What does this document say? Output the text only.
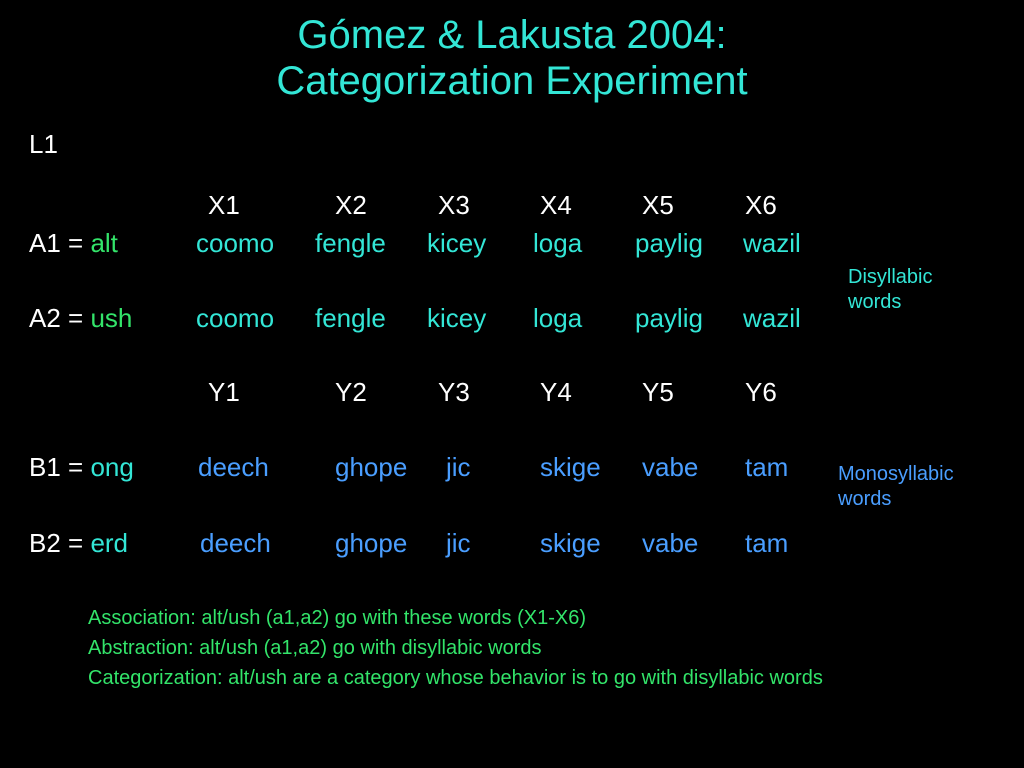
Gómez & Lakusta 2004:
Categorization Experiment
L1
X1	X2	X3	X4	X5	X6
A1 = alt	coomo fengle kicey loga paylig wazil
A2 = ush coomo fengle kicey loga paylig wazil
Disyllabic
words
Y1	Y2	Y3	Y4	Y5	Y6
B1 = ong deech	ghope jic	skige vabe tam
B2 = erd	deech ghope jic	skige vabe tam
Monosyllabic
words
Association: alt/ush (a1,a2) go with these words (X1-X6)
Abstraction: alt/ush (a1,a2) go with disyllabic words
Categorization: alt/ush are a category whose behavior is to go with disyllabic words
